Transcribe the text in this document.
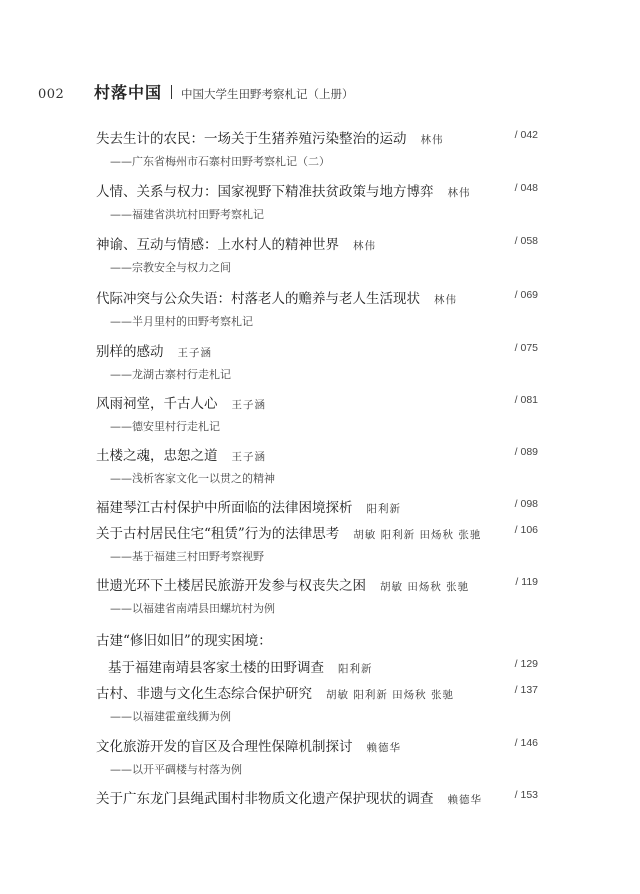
002	村落中国 中国大学生田野考察札记（上册）
失去生计的农民：一场关于生猪养殖污染整治的运动 林伟	/ 042
——广东省梅州市石寨村田野考察札记（二）
人情、关系与权力：国家视野下精准扶贫政策与地方博弈 林伟	/ 048
——福建省洪坑村田野考察札记
神谕、互动与情感：上水村人的精神世界 林伟	/ 058
——宗教安全与权力之间
代际冲突与公众失语：村落老人的赡养与老人生活现状 林伟	/ 069
——半月里村的田野考察札记
别样的感动 王子涵	/ 075
——龙湖古寨村行走札记
风雨祠堂，千古人心 王子涵	/ 081
——德安里村行走札记
土楼之魂，忠恕之道 王子涵	/ 089
——浅析客家文化一以贯之的精神
福建琴江古村保护中所面临的法律困境探析 阳利新	/ 098
关于古村居民住宅“租赁”行为的法律思考 胡敏 阳利新 田炀秋 张驰	/ 106
——基于福建三村田野考察视野
世遗光环下土楼居民旅游开发参与权丧失之困 胡敏 田炀秋 张驰	/ 119
——以福建省南靖县田螺坑村为例
古建“修旧如旧”的现实困境：
基于福建南靖县客家土楼的田野调查 阳利新	/ 129
古村、非遗与文化生态综合保护研究 胡敏 阳利新 田炀秋 张驰	/ 137
——以福建霍童线狮为例
文化旅游开发的盲区及合理性保障机制探讨 赖德华	/ 146
——以开平碉楼与村落为例
关于广东龙门县绳武围村非物质文化遗产保护现状的调查 赖德华	/ 153
